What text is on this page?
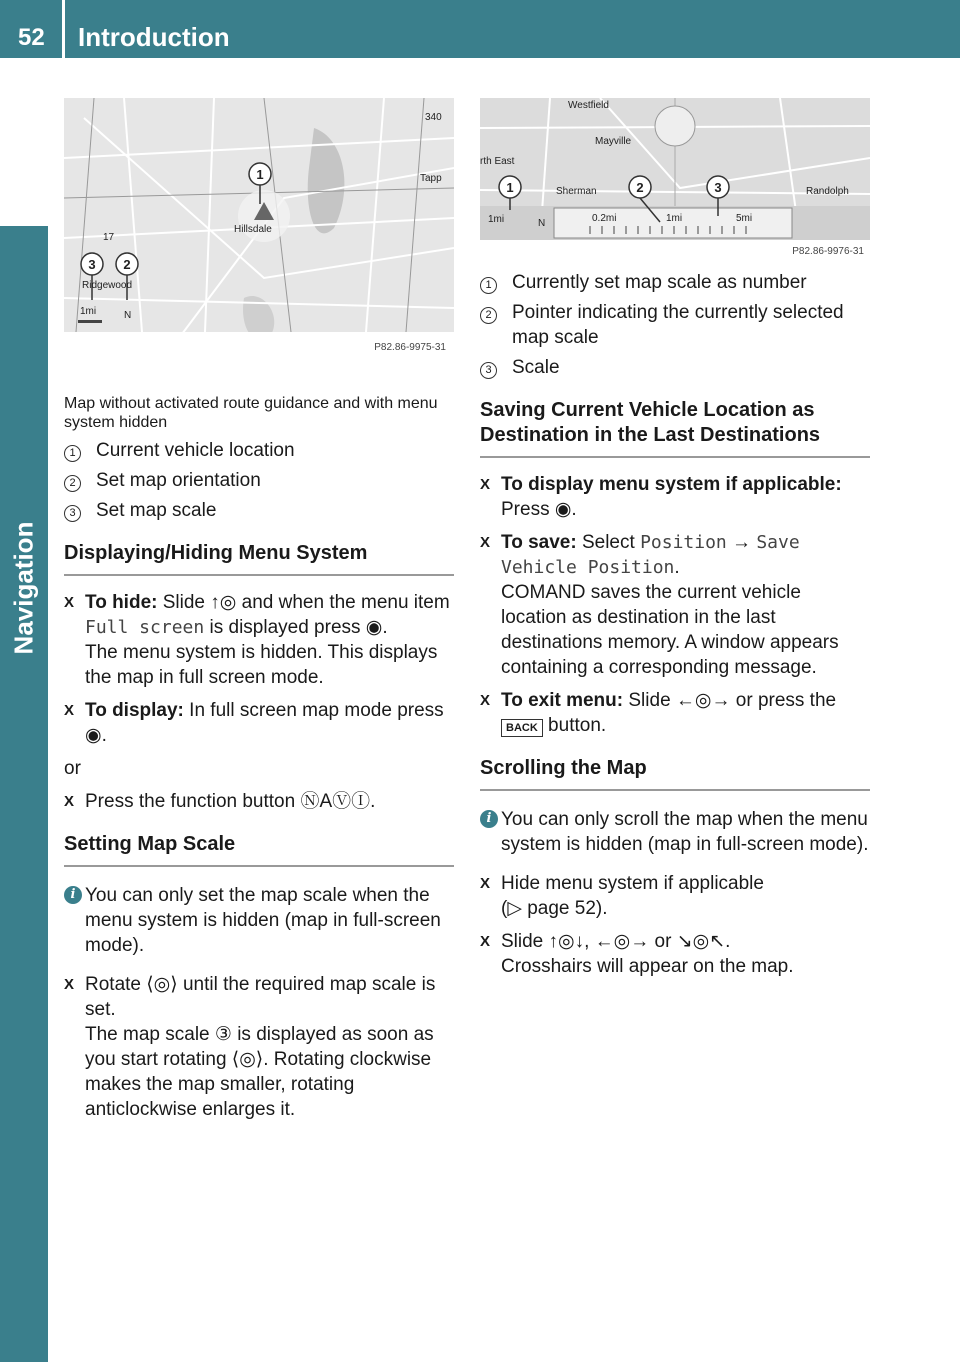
52 Introduction
Navigation
1
2
3
Tapp
Hillsdale
Ridgewood
340
17
1mi	N
P82.86-9975-31
Map without activated route guidance and with menu system hidden
1	Current vehicle location
2	Set map orientation
3	Set map scale
Displaying/Hiding Menu System
X To hide: Slide ↑◎ and when the menu item Full screen is displayed press ◉.
The menu system is hidden. This displays the map in full screen mode.
X To display: In full screen map mode press ◉.
or
X Press the function button ⓃAⓋⒾ.
Setting Map Scale
i You can only set the map scale when the menu system is hidden (map in full-screen mode).
X Rotate ⟨◎⟩ until the required map scale is set.
The map scale ③ is displayed as soon as you start rotating ⟨◎⟩. Rotating clockwise makes the map smaller, rotating anticlockwise enlarges it.
1	2	3
Westfield
Mayville
rth East
Sherman	Randolph
1mi	N	0.2mi	1mi	5mi
P82.86-9976-31
1	Currently set map scale as number
2	Pointer indicating the currently selected map scale
3	Scale
Saving Current Vehicle Location as Destination in the Last Destinations
X To display menu system if applicable: Press ◉.
X To save: Select Position → Save Vehicle Position.
COMAND saves the current vehicle location as destination in the last destinations memory. A window appears containing a corresponding message.
X To exit menu: Slide ←◎→ or press the BACK button.
Scrolling the Map
i You can only scroll the map when the menu system is hidden (map in full-screen mode).
X Hide menu system if applicable
(▷ page 52).
X Slide ↑◎↓, ←◎→ or ↘◎↖.
Crosshairs will appear on the map.
